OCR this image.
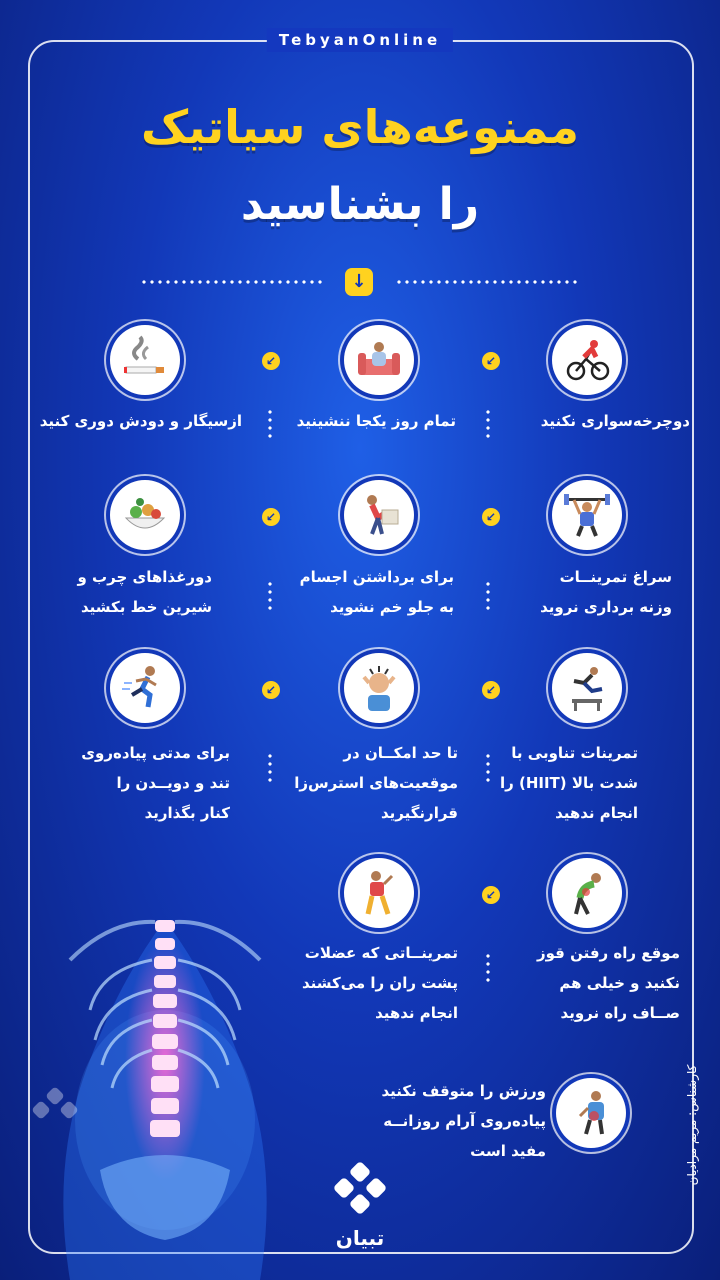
TebyanOnline
ممنوعه‌های سیاتیک
را بشناسید
↓
↙
↙
دوچرخه‌سواری نکنید
تمام روز یکجا ننشینید
ازسیگار و دودش دوری کنید
↙
↙
سراغ تمرینــات
وزنه برداری نروید
برای برداشتن اجسام
به جلو خم نشوید
دورغذاهای چرب و
شیرین خط بکشید
↙
↙
تمرینات تناوبی با
شدت بالا (HIIT) را
انجام ندهید
تا حد امکــان در
موقعیت‌های استرس‌زا
قرارنگیرید
برای مدتی پیاده‌روی
تند و دویــدن را
کنار بگذارید
↙
موقع راه رفتن قوز
نکنید و خیلی هم
صــاف راه نروید
تمرینــاتی که عضلات
پشت ران را می‌کشند
انجام ندهید
ورزش را متوقف نکنید
پیاده‌روی آرام روزانــه
مفید است	کارشناس: مریم مرادیان
تبیان
